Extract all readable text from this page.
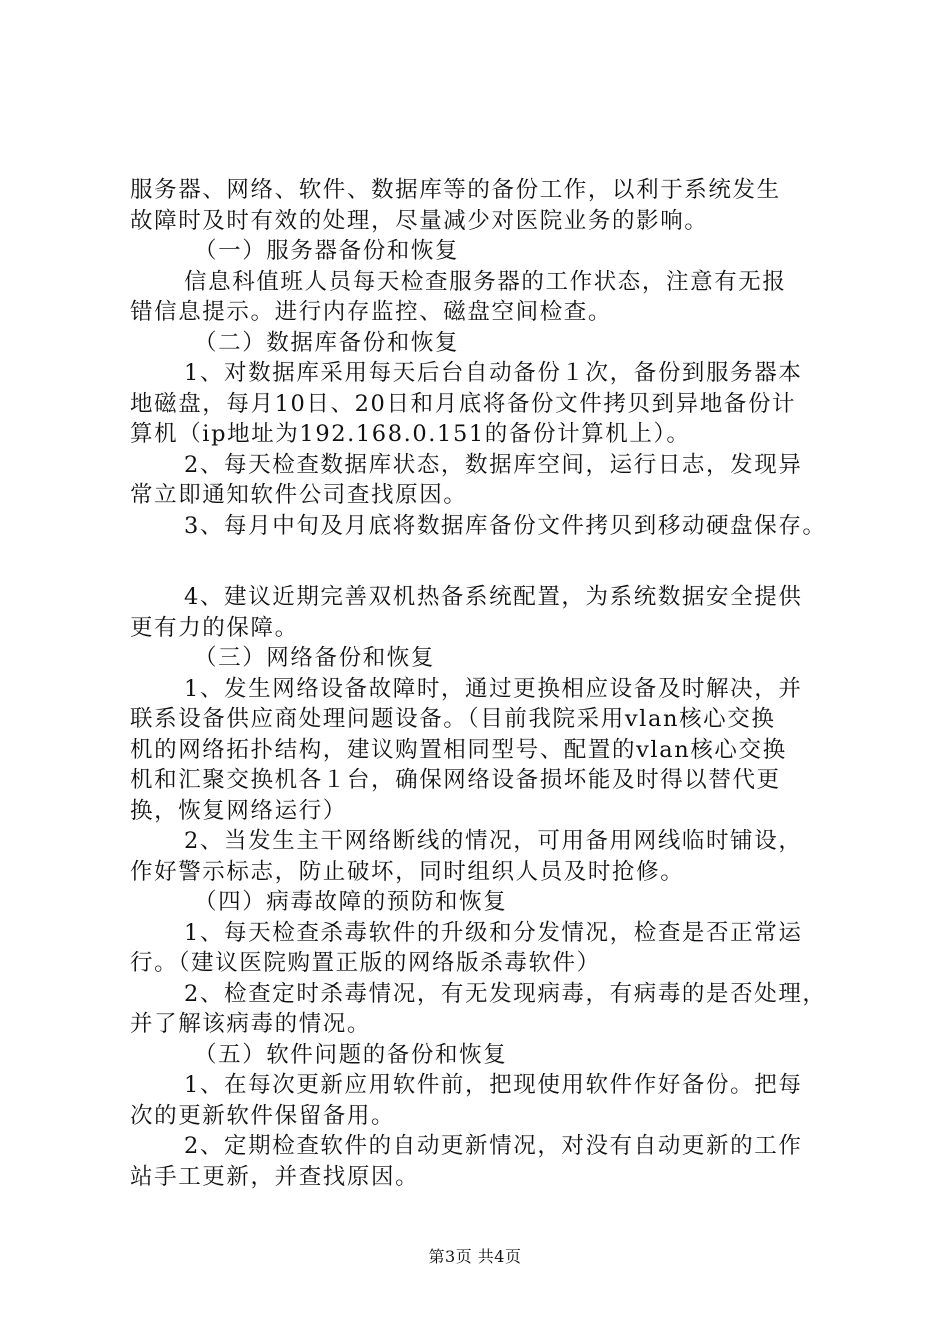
服务器、网络、软件、数据库等的备份工作，以利于系统发生
故障时及时有效的处理，尽量减少对医院业务的影响。
（一）服务器备份和恢复
信息科值班人员每天检查服务器的工作状态，注意有无报
错信息提示。进行内存监控、磁盘空间检查。
（二）数据库备份和恢复
1、对数据库采用每天后台自动备份１次，备份到服务器本
地磁盘，每月10日、20日和月底将备份文件拷贝到异地备份计
算机（ip地址为192.168.0.151的备份计算机上）。
2、每天检查数据库状态，数据库空间，运行日志，发现异
常立即通知软件公司查找原因。
3、每月中旬及月底将数据库备份文件拷贝到移动硬盘保存。
4、建议近期完善双机热备系统配置，为系统数据安全提供
更有力的保障。
（三）网络备份和恢复
1、发生网络设备故障时，通过更换相应设备及时解决，并
联系设备供应商处理问题设备。（目前我院采用vlan核心交换
机的网络拓扑结构，建议购置相同型号、配置的vlan核心交换
机和汇聚交换机各１台，确保网络设备损坏能及时得以替代更
换，恢复网络运行）
2、当发生主干网络断线的情况，可用备用网线临时铺设，
作好警示标志，防止破坏，同时组织人员及时抢修。
（四）病毒故障的预防和恢复
1、每天检查杀毒软件的升级和分发情况，检查是否正常运
行。（建议医院购置正版的网络版杀毒软件）
2、检查定时杀毒情况，有无发现病毒，有病毒的是否处理，
并了解该病毒的情况。
（五）软件问题的备份和恢复
1、在每次更新应用软件前，把现使用软件作好备份。把每
次的更新软件保留备用。
2、定期检查软件的自动更新情况，对没有自动更新的工作
站手工更新，并查找原因。
第3页 共4页
